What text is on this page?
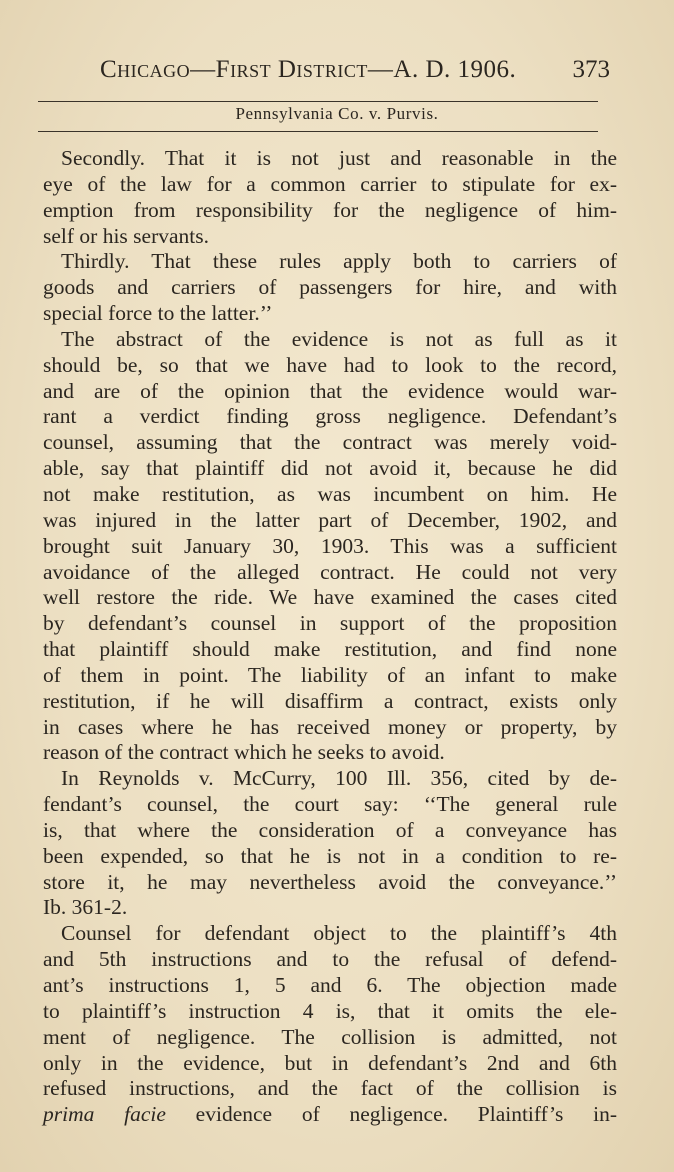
Chicago—First District—A. D. 1906. 373
Pennsylvania Co. v. Purvis.
Secondly. That it is not just and reasonable in the
eye of the law for a common carrier to stipulate for ex-
emption from responsibility for the negligence of him-
self or his servants.
Thirdly. That these rules apply both to carriers of
goods and carriers of passengers for hire, and with
special force to the latter.’’
The abstract of the evidence is not as full as it
should be, so that we have had to look to the record,
and are of the opinion that the evidence would war-
rant a verdict finding gross negligence. Defendant’s
counsel, assuming that the contract was merely void-
able, say that plaintiff did not avoid it, because he did
not make restitution, as was incumbent on him. He
was injured in the latter part of December, 1902, and
brought suit January 30, 1903. This was a sufficient
avoidance of the alleged contract. He could not very
well restore the ride. We have examined the cases cited
by defendant’s counsel in support of the proposition
that plaintiff should make restitution, and find none
of them in point. The liability of an infant to make
restitution, if he will disaffirm a contract, exists only
in cases where he has received money or property, by
reason of the contract which he seeks to avoid.
In Reynolds v. McCurry, 100 Ill. 356, cited by de-
fendant’s counsel, the court say: ‘‘The general rule
is, that where the consideration of a conveyance has
been expended, so that he is not in a condition to re-
store it, he may nevertheless avoid the conveyance.’’
Ib. 361-2.
Counsel for defendant object to the plaintiff’s 4th
and 5th instructions and to the refusal of defend-
ant’s instructions 1, 5 and 6. The objection made
to plaintiff’s instruction 4 is, that it omits the ele-
ment of negligence. The collision is admitted, not
only in the evidence, but in defendant’s 2nd and 6th
refused instructions, and the fact of the collision is
prima facie evidence of negligence. Plaintiff’s in-
